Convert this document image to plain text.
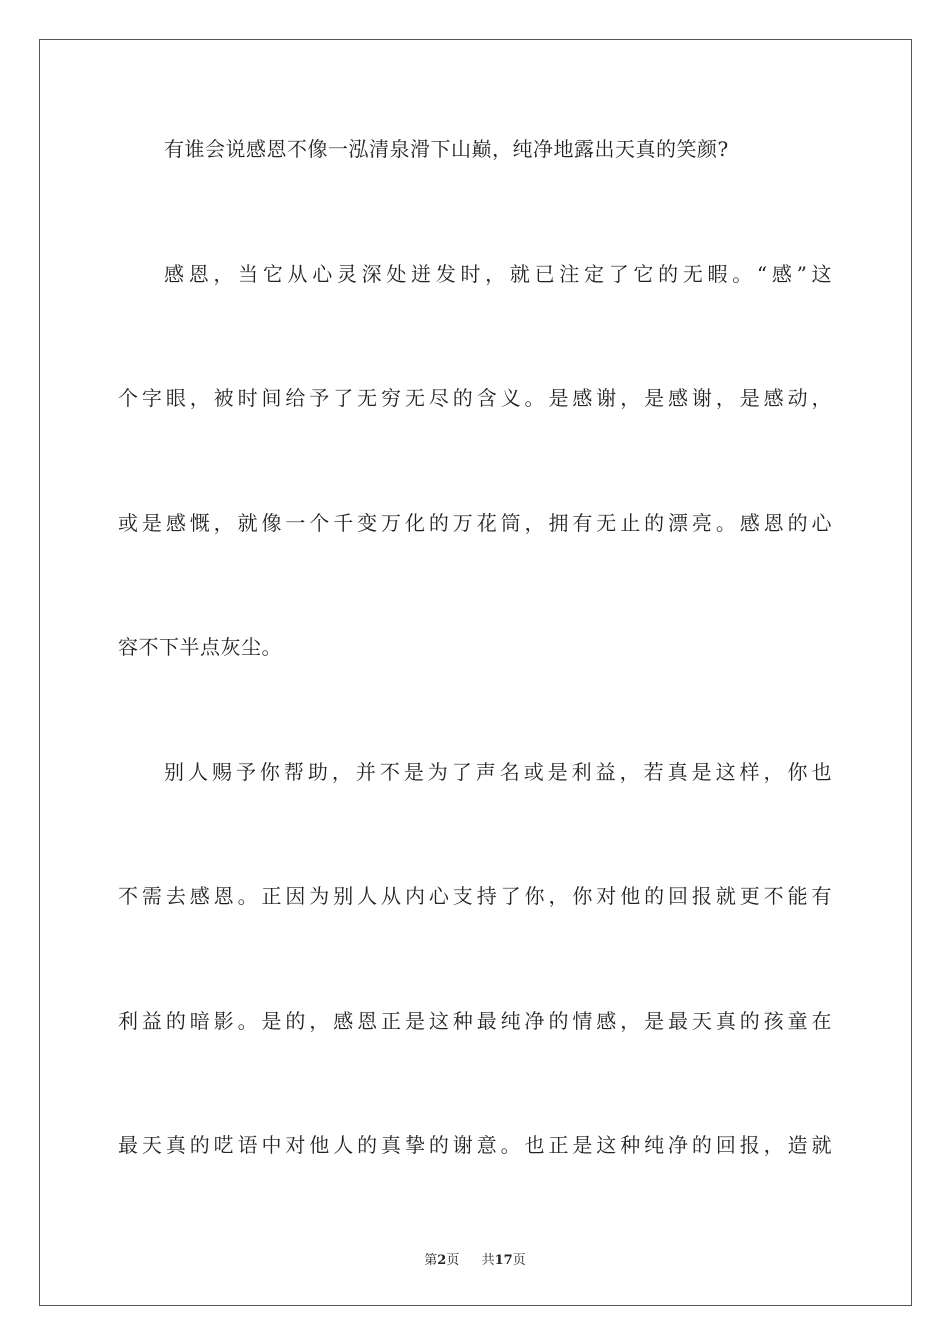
有谁会说感恩不像一泓清泉滑下山巅，纯净地露出天真的笑颜?
感恩，当它从心灵深处迸发时，就已注定了它的无暇。“感”这
个字眼，被时间给予了无穷无尽的含义。是感谢，是感谢，是感动，
或是感慨，就像一个千变万化的万花筒，拥有无止的漂亮。感恩的心
容不下半点灰尘。
别人赐予你帮助，并不是为了声名或是利益，若真是这样，你也
不需去感恩。正因为别人从内心支持了你，你对他的回报就更不能有
利益的暗影。是的，感恩正是这种最纯净的情感，是最天真的孩童在
最天真的呓语中对他人的真挚的谢意。也正是这种纯净的回报，造就
第2页 共17页
